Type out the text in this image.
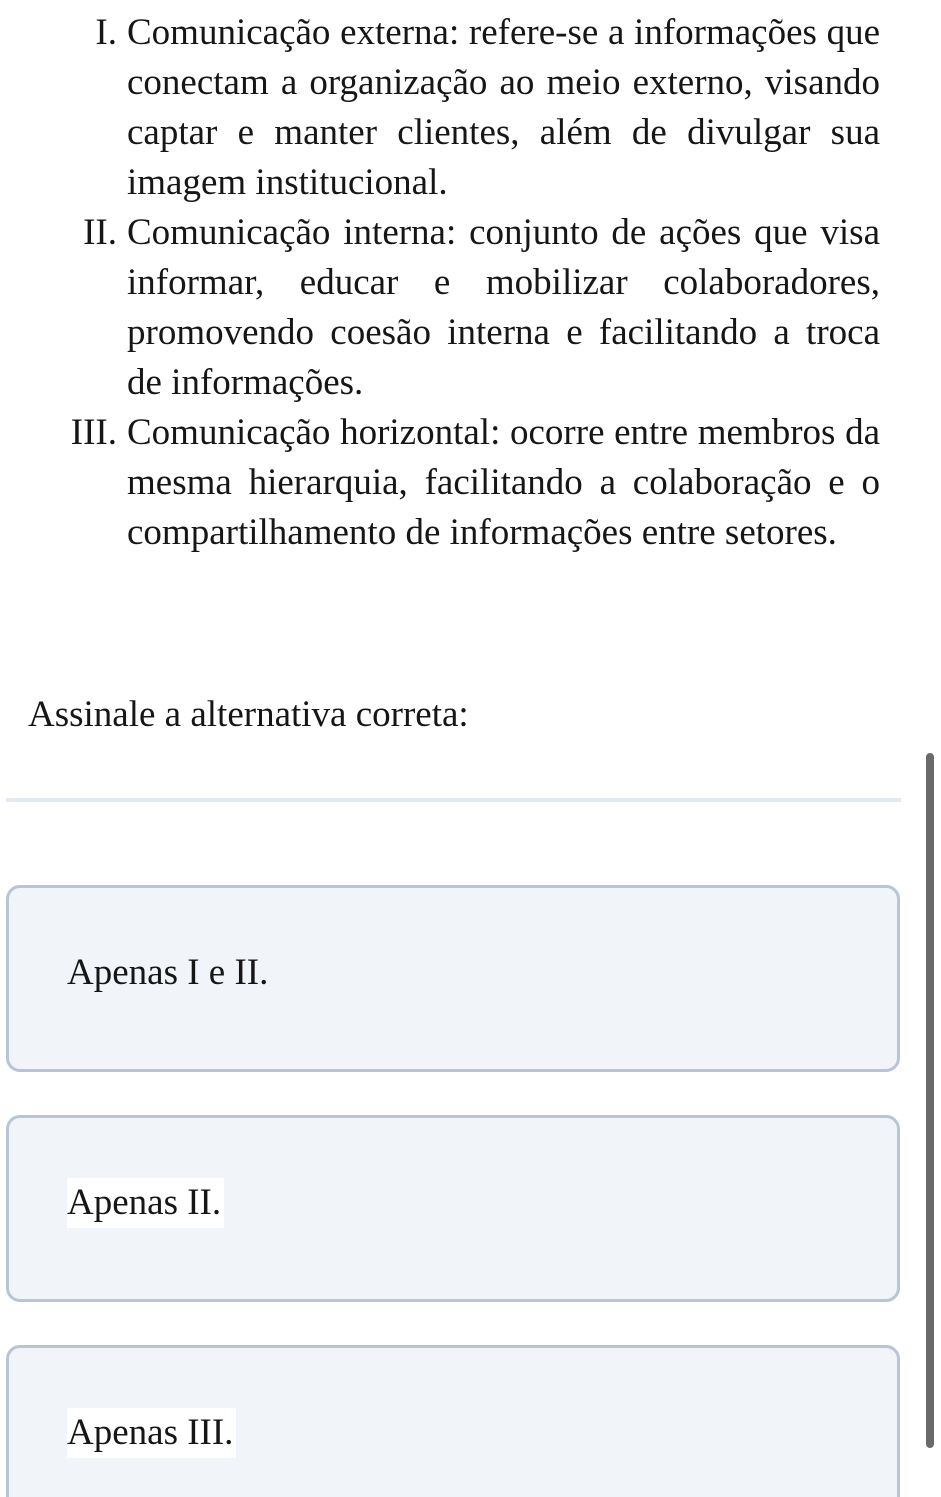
I. Comunicação externa: refere-se a informações que conectam a organização ao meio externo, visando captar e manter clientes, além de divulgar sua imagem institucional.
II. Comunicação interna: conjunto de ações que visa informar, educar e mobilizar colaboradores, promovendo coesão interna e facilitando a troca de informações.
III. Comunicação horizontal: ocorre entre membros da mesma hierarquia, facilitando a colaboração e o compartilhamento de informações entre setores.
Assinale a alternativa correta:
Apenas I e II.
Apenas II.
Apenas III.
